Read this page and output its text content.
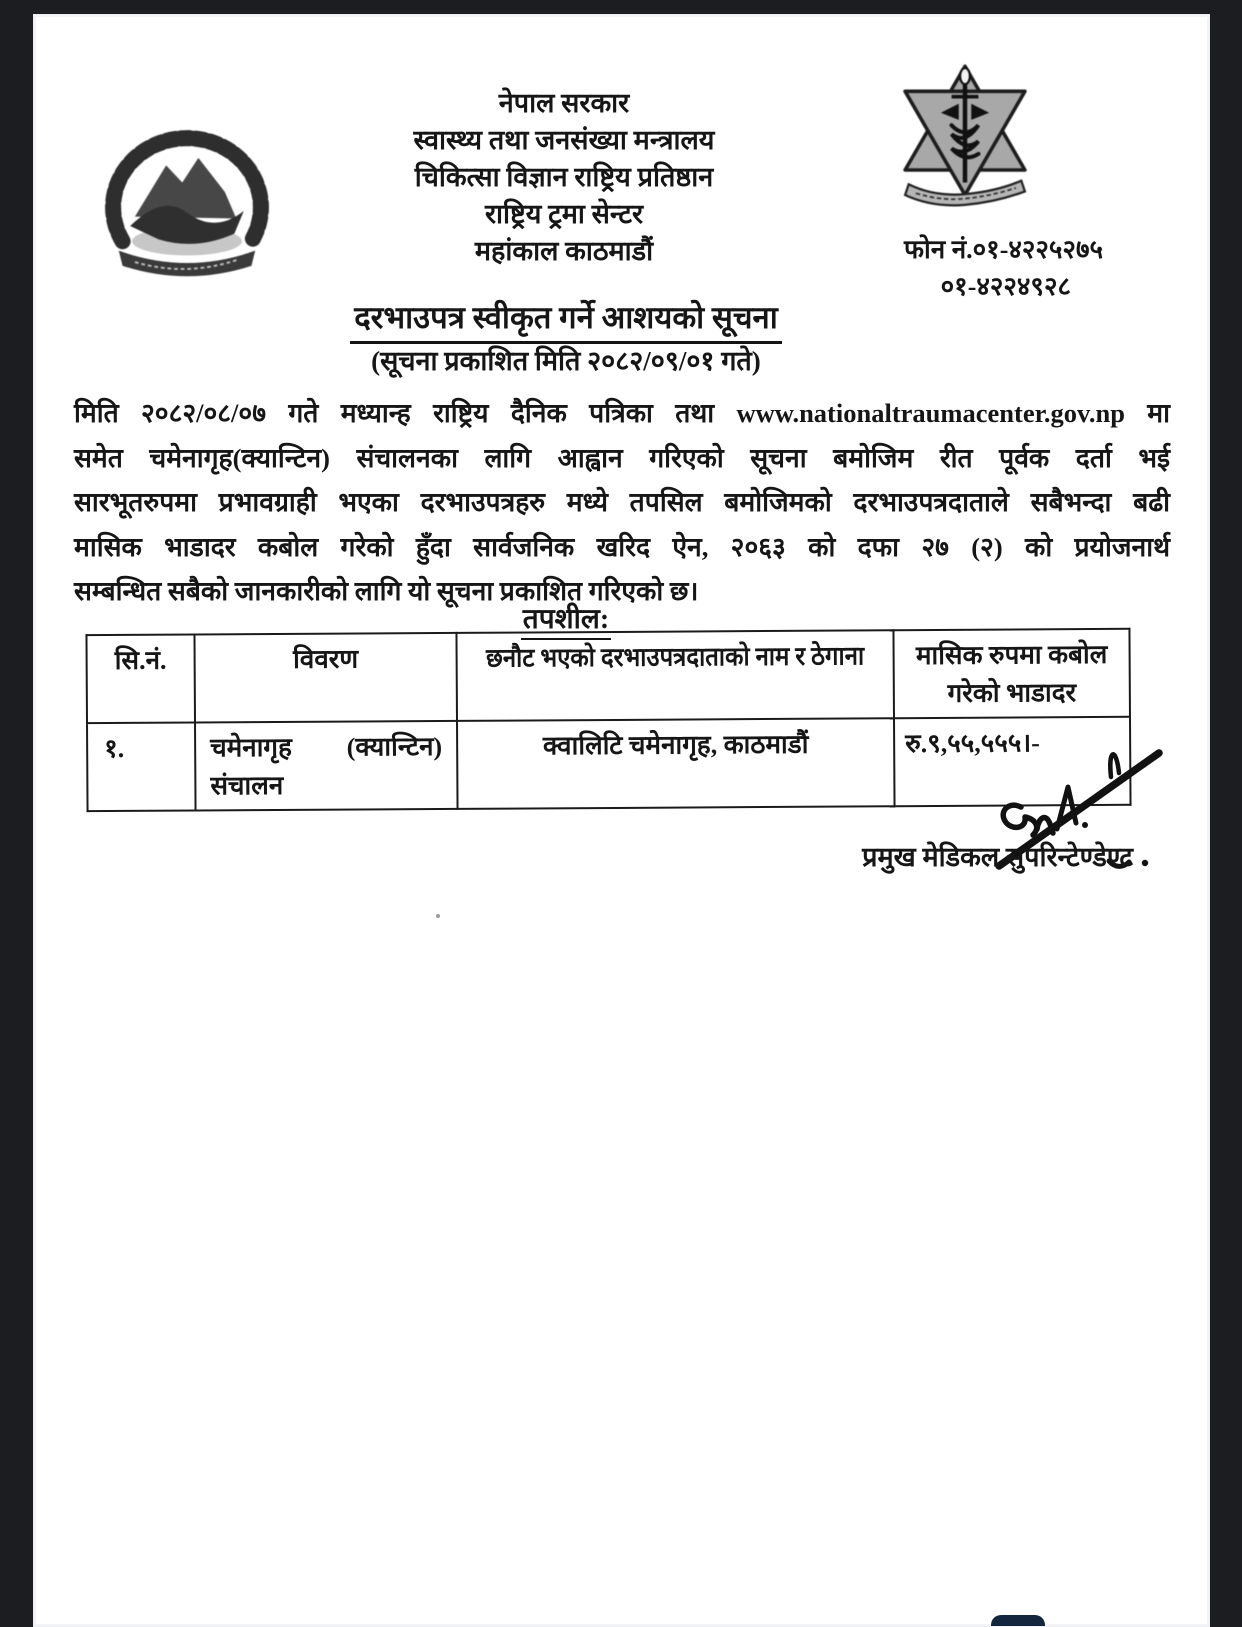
नेपाल सरकार
स्वास्थ्य तथा जनसंख्या मन्त्रालय
चिकित्सा विज्ञान राष्ट्रिय प्रतिष्ठान
राष्ट्रिय ट्रमा सेन्टर
महांकाल काठमाडौं	फोन नं.०१-४२२५२७५
०१-४२२४९२८
दरभाउपत्र स्वीकृत गर्ने आशयको सूचना
(सूचना प्रकाशित मिति २०८२/०९/०१ गते)
मिति २०८२/०८/०७ गते मध्यान्ह राष्ट्रिय दैनिक पत्रिका तथा www.nationaltraumacenter.gov.np मा
समेत चमेनागृह(क्यान्टिन) संचालनका लागि आह्वान गरिएको सूचना बमोजिम रीत पूर्वक दर्ता भई
सारभूतरुपमा प्रभावग्राही भएका दरभाउपत्रहरु मध्ये तपसिल बमोजिमको दरभाउपत्रदाताले सबैभन्दा बढी
मासिक भाडादर कबोल गरेको हुँदा सार्वजनिक खरिद ऐन, २०६३ को दफा २७ (२) को प्रयोजनार्थ
सम्बन्धित सबैको जानकारीको लागि यो सूचना प्रकाशित गरिएको छ।
तपशील:
सि.नं.	विवरण	छनौट भएको दरभाउपत्रदाताको नाम र ठेगाना	मासिक रुपमा कबोल गरेको भाडादर
१.	चमेनागृह (क्यान्टिन) संचालन	क्वालिटि चमेनागृह, काठमाडौं	रु.९,५५,५५५।-
प्रमुख मेडिकल सुपरिन्टेण्डेण्ट
